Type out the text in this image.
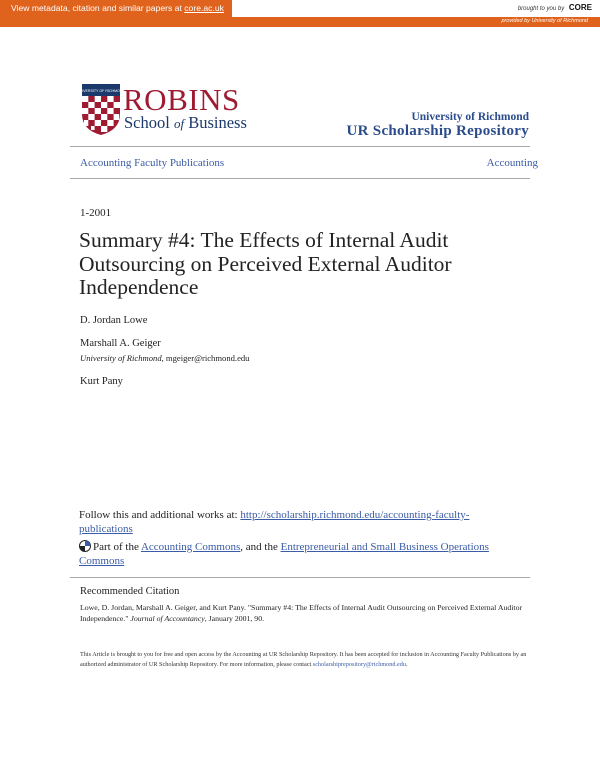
View metadata, citation and similar papers at core.ac.uk	brought to you by CORE
provided by University of Richmond
UNIVERSITY OF RICHMOND
ROBINS
School of Business	University of Richmond
UR Scholarship Repository
Accounting Faculty Publications	Accounting
1-2001
Summary #4: The Effects of Internal Audit Outsourcing on Perceived External Auditor Independence
D. Jordan Lowe
Marshall A. Geiger
University of Richmond, mgeiger@richmond.edu
Kurt Pany
Follow this and additional works at: http://scholarship.richmond.edu/accounting-faculty-publications
Part of the Accounting Commons, and the Entrepreneurial and Small Business Operations Commons
Recommended Citation
Lowe, D. Jordan, Marshall A. Geiger, and Kurt Pany. "Summary #4: The Effects of Internal Audit Outsourcing on Perceived External Auditor Independence." Journal of Accountancy, January 2001, 90.
This Article is brought to you for free and open access by the Accounting at UR Scholarship Repository. It has been accepted for inclusion in Accounting Faculty Publications by an authorized administrator of UR Scholarship Repository. For more information, please contact scholarshiprepository@richmond.edu.
